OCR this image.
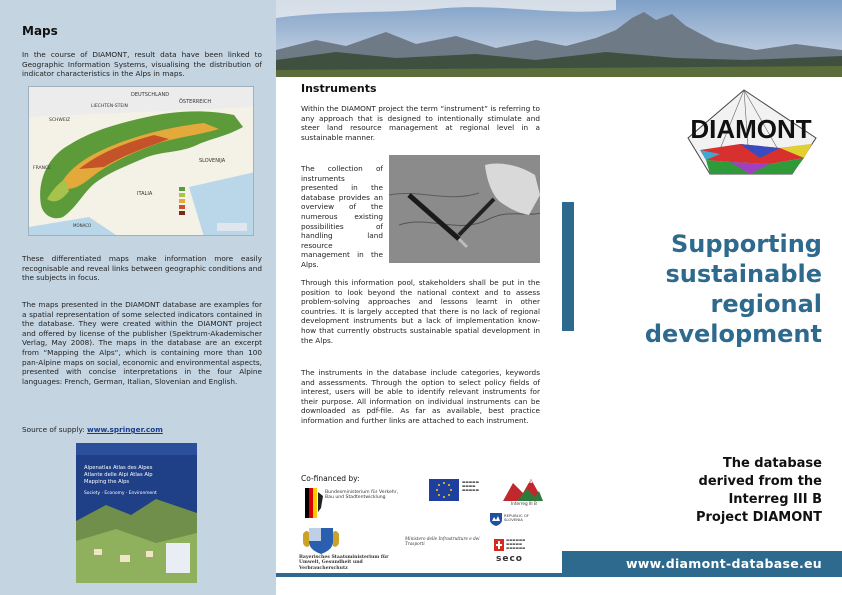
Maps
In the course of DIAMONT, result data have been linked to Geographic Information Systems, visualising the distribution of indicator characteristics in the Alps in maps.
DEUTSCHLAND
LIECHTEN-STEIN
SCHWEIZ
ÖSTERREICH
SLOVENIJA
ITALIA
FRANCE
MONACO
These differentiated maps make information more easily recognisable and reveal links between geographic conditions and the subjects in focus.
The maps presented in the DIAMONT database are examples for a spatial representation of some selected indicators contained in the database. They were created within the DIAMONT project and offered by license of the publisher (Spektrum-Akademischer Verlag, May 2008). The maps in the database are an excerpt from “Mapping the Alps“, which is containing more than 100 pan-Alpine maps on social, economic and environmental aspects, presented with concise interpretations in the four Alpine languages: French, German, Italian, Slovenian and English.
Source of supply: www.springer.com
Alpenatlas Atlas des Alpes
Atlante delle Alpi Atlas Alp
Mapping the Alps
Society · Economy · Environment
Instruments
Within the DIAMONT project the term “instrument” is referring to any approach that is designed to intentionally stimulate and steer land resource management at regional level in a sustainable manner.
The collection of instruments presented in the database provides an overview of the numerous existing possibilities of handling land resource management in the Alps.
Through this information pool, stakeholders shall be put in the position to look beyond the national context and to assess problem-solving approaches and lessons learnt in other countries. It is largely accepted that there is no lack of regional development instruments but a lack of implementation know-how that currently obstructs sustainable spatial development in the Alps.
The instruments in the database include categories, keywords and assessments. Through the option to select policy fields of interest, users will be able to identify relevant instruments for their purpose. All information on individual instruments can be downloaded as pdf-file. As far as available, best practice information and further links are attached to each instrument.
Co-financed by:
Bundesministerium für Verkehr, Bau und Stadtentwicklung
▬▬▬▬▬
▬▬▬▬
▬▬▬▬▬
Alpine Space
Interreg III B
REPUBLIC OF SLOVENIA
Bayerisches Staatsministerium für Umwelt, Gesundheit und Verbraucherschutz
Ministero delle Infrastrutture e dei Trasporti
▬▬▬▬▬▬
▬▬▬▬▬
▬▬▬▬▬▬
seco
DIAMONT
Supporting
sustainable
regional
development
The database
derived from the
Interreg III B
Project DIAMONT
www.diamont-database.eu
